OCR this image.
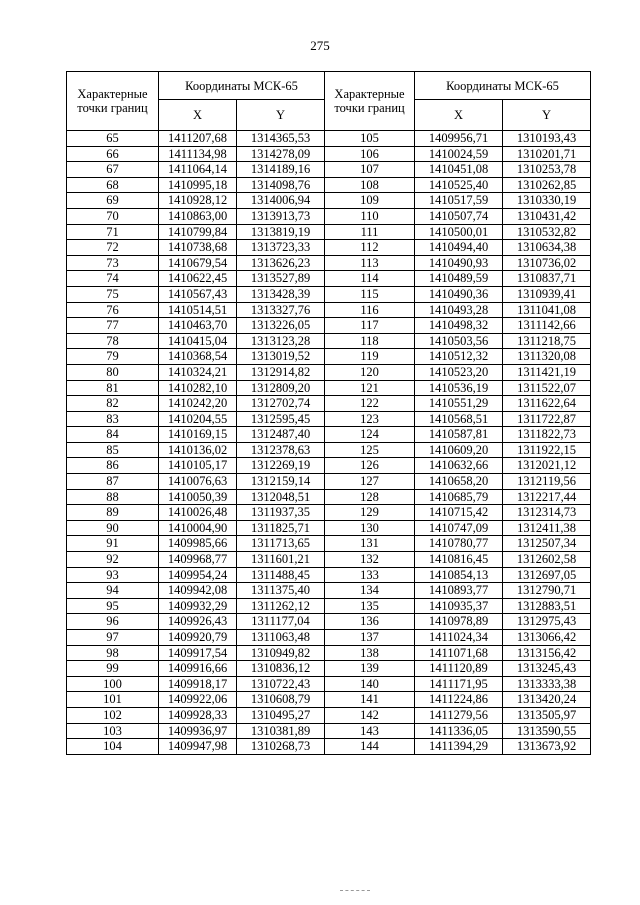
275
Характерные точки границ	Координаты МСК-65		Характерные точки границ	Координаты МСК-65	
	X	Y		X	Y
65	1411207,68	1314365,53	105	1409956,71	1310193,43
66	1411134,98	1314278,09	106	1410024,59	1310201,71
67	1411064,14	1314189,16	107	1410451,08	1310253,78
68	1410995,18	1314098,76	108	1410525,40	1310262,85
69	1410928,12	1314006,94	109	1410517,59	1310330,19
70	1410863,00	1313913,73	110	1410507,74	1310431,42
71	1410799,84	1313819,19	111	1410500,01	1310532,82
72	1410738,68	1313723,33	112	1410494,40	1310634,38
73	1410679,54	1313626,23	113	1410490,93	1310736,02
74	1410622,45	1313527,89	114	1410489,59	1310837,71
75	1410567,43	1313428,39	115	1410490,36	1310939,41
76	1410514,51	1313327,76	116	1410493,28	1311041,08
77	1410463,70	1313226,05	117	1410498,32	1311142,66
78	1410415,04	1313123,28	118	1410503,56	1311218,75
79	1410368,54	1313019,52	119	1410512,32	1311320,08
80	1410324,21	1312914,82	120	1410523,20	1311421,19
81	1410282,10	1312809,20	121	1410536,19	1311522,07
82	1410242,20	1312702,74	122	1410551,29	1311622,64
83	1410204,55	1312595,45	123	1410568,51	1311722,87
84	1410169,15	1312487,40	124	1410587,81	1311822,73
85	1410136,02	1312378,63	125	1410609,20	1311922,15
86	1410105,17	1312269,19	126	1410632,66	1312021,12
87	1410076,63	1312159,14	127	1410658,20	1312119,56
88	1410050,39	1312048,51	128	1410685,79	1312217,44
89	1410026,48	1311937,35	129	1410715,42	1312314,73
90	1410004,90	1311825,71	130	1410747,09	1312411,38
91	1409985,66	1311713,65	131	1410780,77	1312507,34
92	1409968,77	1311601,21	132	1410816,45	1312602,58
93	1409954,24	1311488,45	133	1410854,13	1312697,05
94	1409942,08	1311375,40	134	1410893,77	1312790,71
95	1409932,29	1311262,12	135	1410935,37	1312883,51
96	1409926,43	1311177,04	136	1410978,89	1312975,43
97	1409920,79	1311063,48	137	1411024,34	1313066,42
98	1409917,54	1310949,82	138	1411071,68	1313156,42
99	1409916,66	1310836,12	139	1411120,89	1313245,43
100	1409918,17	1310722,43	140	1411171,95	1313333,38
101	1409922,06	1310608,79	141	1411224,86	1313420,24
102	1409928,33	1310495,27	142	1411279,56	1313505,97
103	1409936,97	1310381,89	143	1411336,05	1313590,55
104	1409947,98	1310268,73	144	1411394,29	1313673,92
